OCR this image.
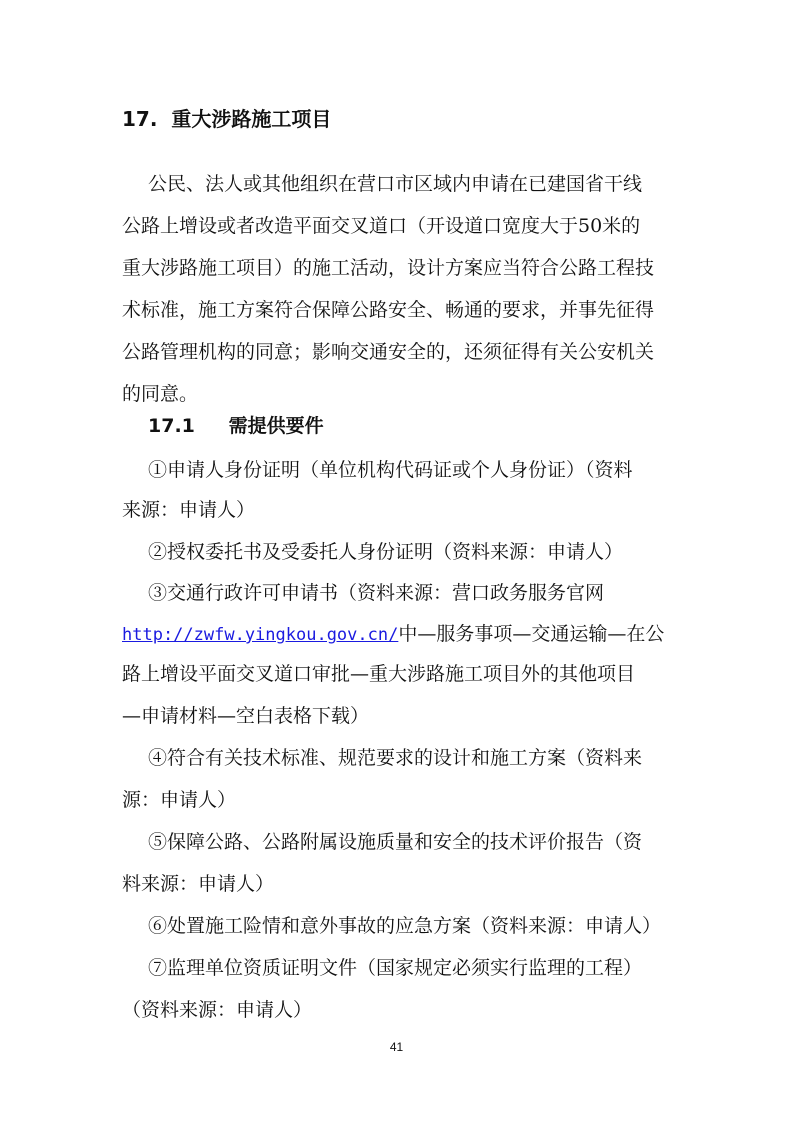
17. 重大涉路施工项目
公民、法人或其他组织在营口市区域内申请在已建国省干线
公路上增设或者改造平面交叉道口（开设道口宽度大于50米的
重大涉路施工项目）的施工活动，设计方案应当符合公路工程技
术标准，施工方案符合保障公路安全、畅通的要求，并事先征得
公路管理机构的同意；影响交通安全的，还须征得有关公安机关
的同意。
17.1 需提供要件
①申请人身份证明（单位机构代码证或个人身份证）（资料
来源：申请人）
②授权委托书及受委托人身份证明（资料来源：申请人）
③交通行政许可申请书（资料来源：营口政务服务官网
http://zwfw.yingkou.gov.cn/中—服务事项—交通运输—在公
路上增设平面交叉道口审批—重大涉路施工项目外的其他项目
—申请材料—空白表格下载）
④符合有关技术标准、规范要求的设计和施工方案（资料来
源：申请人）
⑤保障公路、公路附属设施质量和安全的技术评价报告（资
料来源：申请人）
⑥处置施工险情和意外事故的应急方案（资料来源：申请人）
⑦监理单位资质证明文件（国家规定必须实行监理的工程）
（资料来源：申请人）
41
